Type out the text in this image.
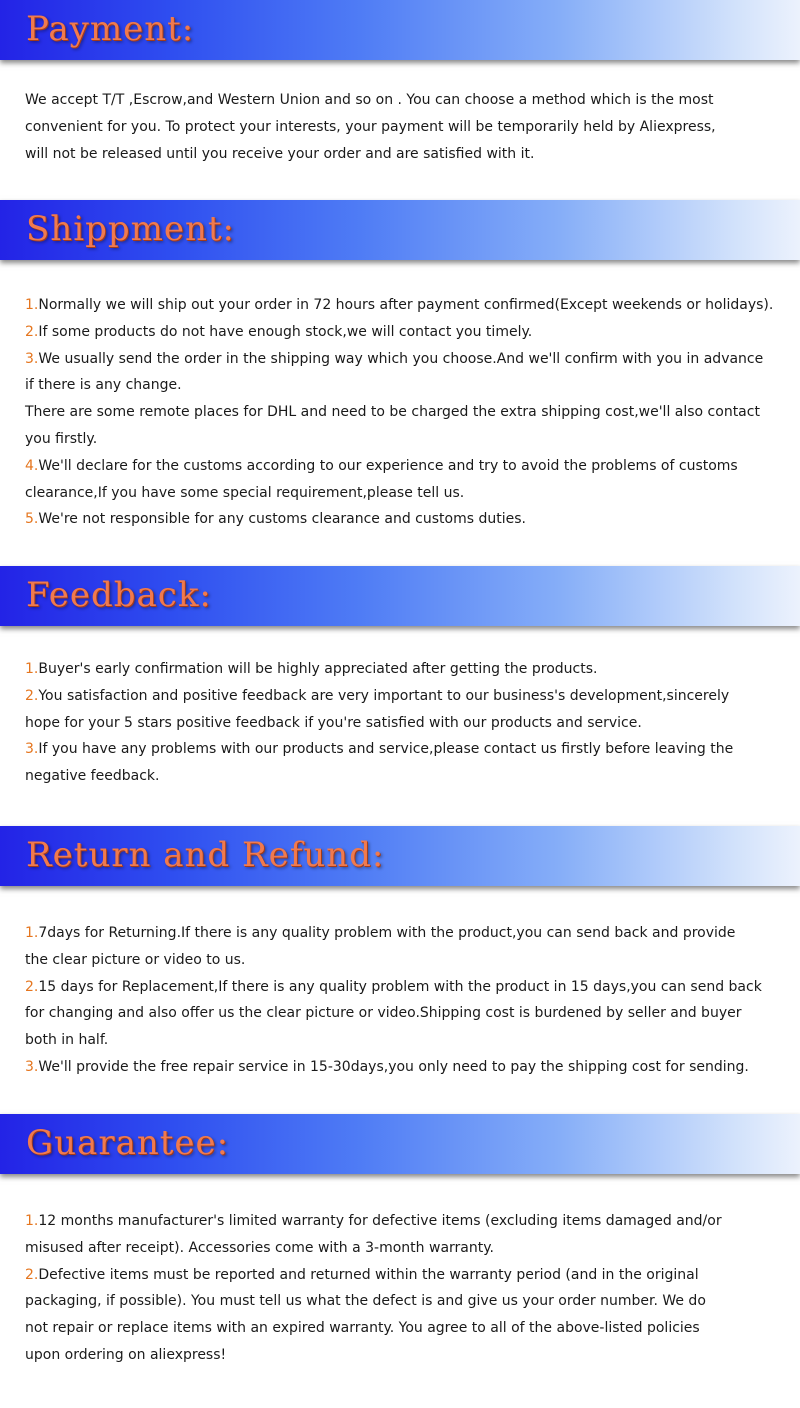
Payment:

We accept T/T ,Escrow,and Western Union and so on . You can choose a method which is the most
convenient for you. To protect your interests, your payment will be temporarily held by Aliexpress,
will not be released until you receive your order and are satisfied with it.

Shippment:

1.Normally we will ship out your order in 72 hours after payment confirmed(Except weekends or holidays).
2.If some products do not have enough stock,we will contact you timely.
3.We usually send the order in the shipping way which you choose.And we'll confirm with you in advance
if there is any change.
There are some remote places for DHL and need to be charged the extra shipping cost,we'll also contact
you firstly.
4.We'll declare for the customs according to our experience and try to avoid the problems of customs
clearance,If you have some special requirement,please tell us.
5.We're not responsible for any customs clearance and customs duties.

Feedback:

1.Buyer's early confirmation will be highly appreciated after getting the products.
2.You satisfaction and positive feedback are very important to our business's development,sincerely
hope for your 5 stars positive feedback if you're satisfied with our products and service.
3.If you have any problems with our products and service,please contact us firstly before leaving the
negative feedback.

Return and Refund:

1.7days for Returning.If there is any quality problem with the product,you can send back and provide
the clear picture or video to us.
2.15 days for Replacement,If there is any quality problem with the product in 15 days,you can send back
for changing and also offer us the clear picture or video.Shipping cost is burdened by seller and buyer
both in half.
3.We'll provide the free repair service in 15-30days,you only need to pay the shipping cost for sending.

Guarantee:

1.12 months manufacturer's limited warranty for defective items (excluding items damaged and/or
misused after receipt). Accessories come with a 3-month warranty.
2.Defective items must be reported and returned within the warranty period (and in the original
packaging, if possible). You must tell us what the defect is and give us your order number. We do
not repair or replace items with an expired warranty. You agree to all of the above-listed policies
upon ordering on aliexpress!
